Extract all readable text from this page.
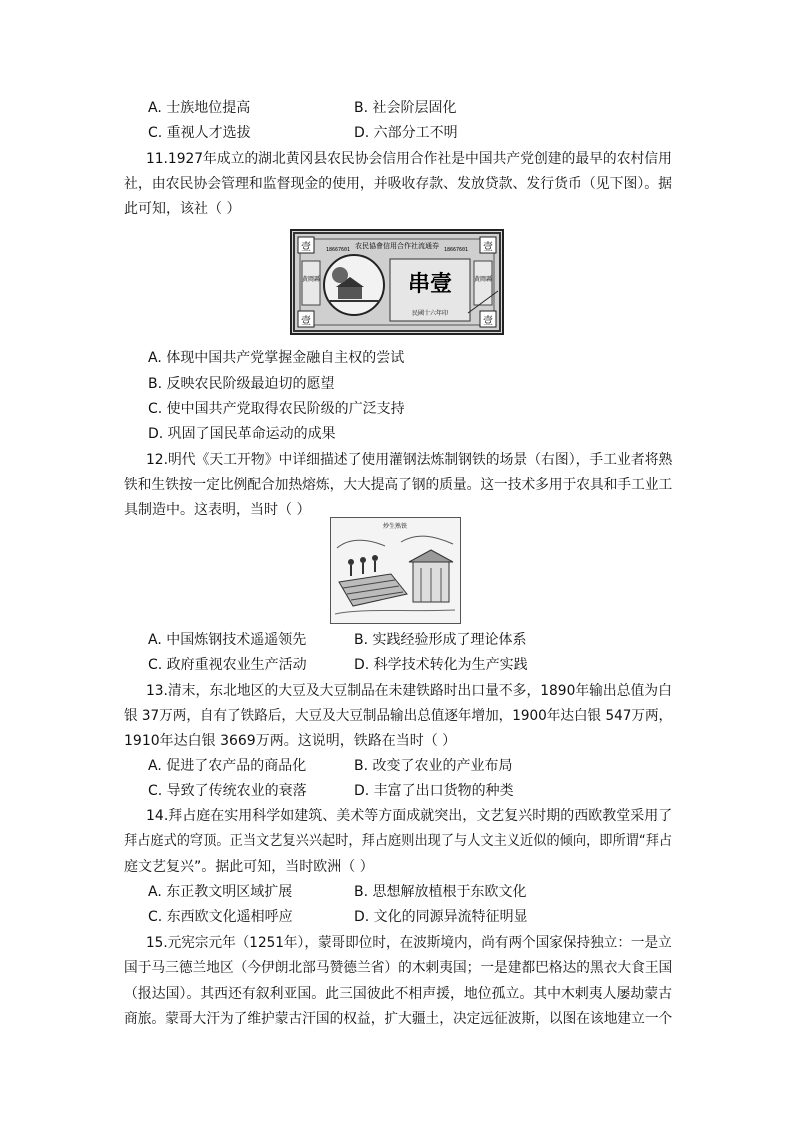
A. 士族地位提高	B. 社会阶层固化
C. 重视人才选拔	D. 六部分工不明
11.1927年成立的湖北黄冈县农民协会信用合作社是中国共产党创建的最早的农村信用
社，由农民协会管理和监督现金的使用，并吸收存款、发放贷款、发行货币（见下图）。据
此可知，该社（ ）
壹	壹
壹	壹
农民協會信用合作社流通券
18667601	18667601
黄岡縣	黄岡縣
串壹
民國十六年印
A. 体现中国共产党掌握金融自主权的尝试
B. 反映农民阶级最迫切的愿望
C. 使中国共产党取得农民阶级的广泛支持
D. 巩固了国民革命运动的成果
12.明代《天工开物》中详细描述了使用灌钢法炼制钢铁的场景（右图），手工业者将熟
铁和生铁按一定比例配合加热熔炼，大大提高了钢的质量。这一技术多用于农具和手工业工
具制造中。这表明，当时（ ）
炒生熟铁
A. 中国炼钢技术遥遥领先	B. 实践经验形成了理论体系
C. 政府重视农业生产活动	D. 科学技术转化为生产实践
13.清末，东北地区的大豆及大豆制品在未建铁路时出口量不多，1890年输出总值为白
银 37万两，自有了铁路后，大豆及大豆制品输出总值逐年增加，1900年达白银 547万两，
1910年达白银 3669万两。这说明，铁路在当时（ ）
A. 促进了农产品的商品化	B. 改变了农业的产业布局
C. 导致了传统农业的衰落	D. 丰富了出口货物的种类
14.拜占庭在实用科学如建筑、美术等方面成就突出，文艺复兴时期的西欧教堂采用了
拜占庭式的穹顶。正当文艺复兴兴起时，拜占庭则出现了与人文主义近似的倾向，即所谓“拜占
庭文艺复兴”。据此可知，当时欧洲（ ）
A. 东正教文明区域扩展	B. 思想解放植根于东欧文化
C. 东西欧文化遥相呼应	D. 文化的同源异流特征明显
15.元宪宗元年（1251年），蒙哥即位时，在波斯境内，尚有两个国家保持独立：一是立
国于马三德兰地区（今伊朗北部马赞德兰省）的木剌夷国；一是建都巴格达的黑衣大食王国
（报达国）。其西还有叙利亚国。此三国彼此不相声援，地位孤立。其中木剌夷人屡劫蒙古
商旅。蒙哥大汗为了维护蒙古汗国的权益，扩大疆土，决定远征波斯，以图在该地建立一个
